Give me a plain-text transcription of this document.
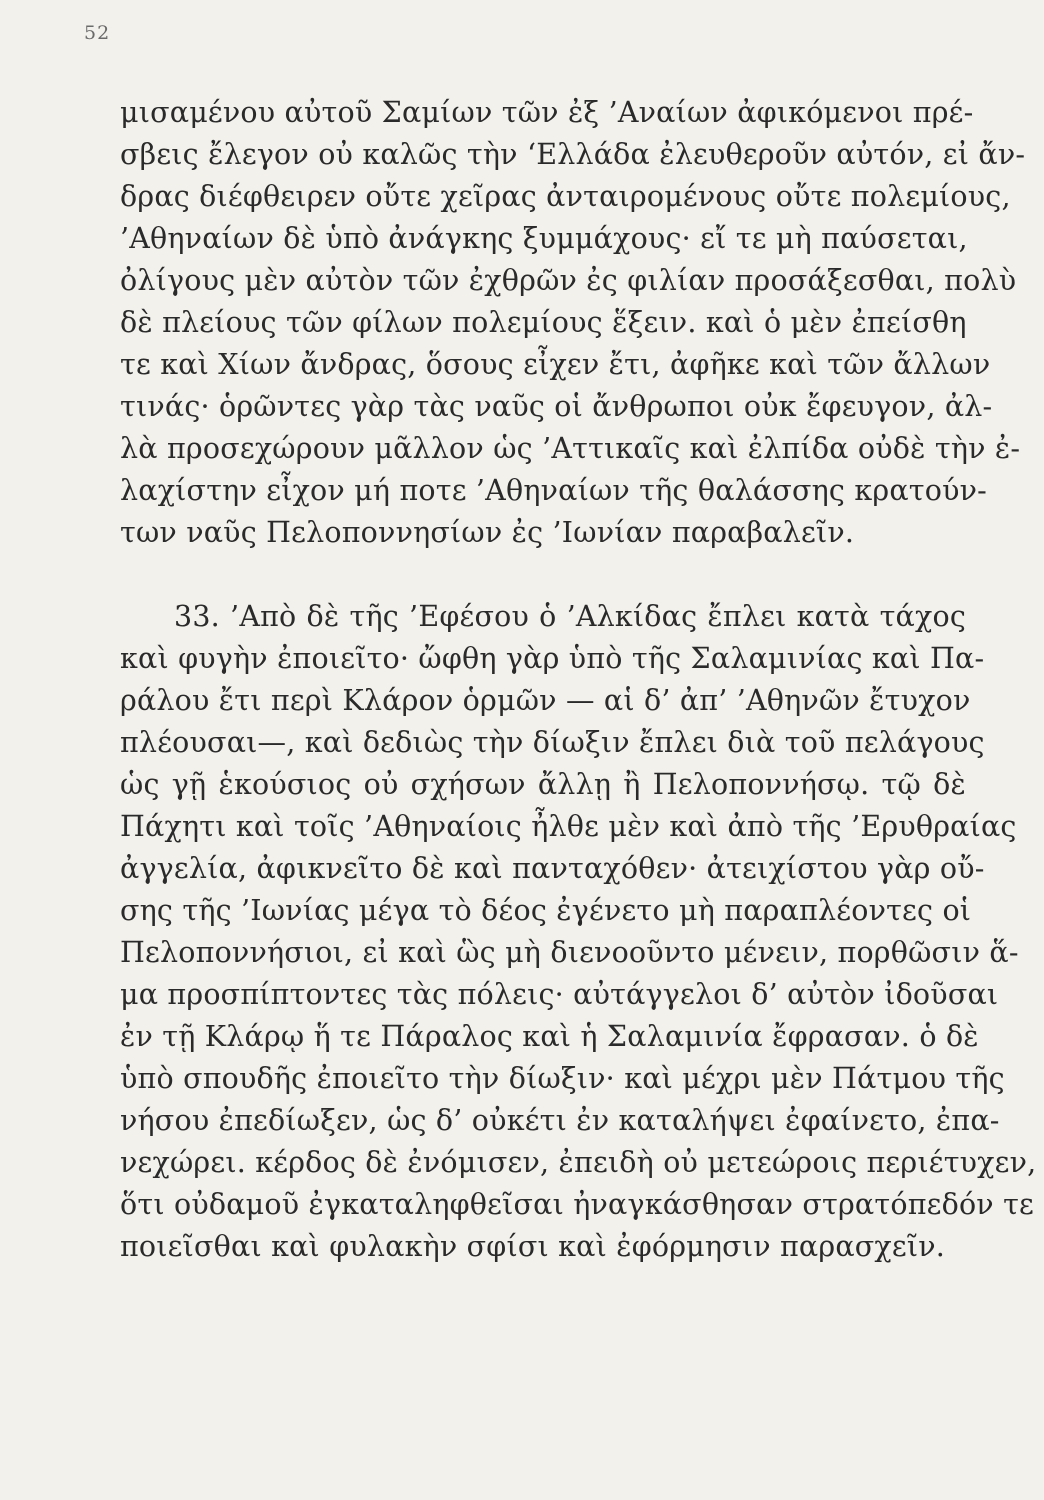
52
μισαμένου αὐτοῦ Σαμίων τῶν ἐξ ’Αναίων ἀφικόμενοι πρέ-
σβεις ἔλεγον οὐ καλῶς τὴν ‘Ελλάδα ἐλευθεροῦν αὐτόν, εἰ ἄν-
δρας διέφθειρεν οὔτε χεῖρας ἀνταιρομένους οὔτε πολεμίους,
’Αθηναίων δὲ ὑπὸ ἀνάγκης ξυμμάχους· εἴ τε μὴ παύσεται,
ὀλίγους μὲν αὐτὸν τῶν ἐχθρῶν ἐς φιλίαν προσάξεσθαι, πολὺ
δὲ πλείους τῶν φίλων πολεμίους ἕξειν. καὶ ὁ μὲν ἐπείσθη
τε καὶ Χίων ἄνδρας, ὅσους εἶχεν ἔτι, ἀφῆκε καὶ τῶν ἄλλων
τινάς· ὁρῶντες γὰρ τὰς ναῦς οἱ ἄνθρωποι οὐκ ἔφευγον, ἀλ-
λὰ προσεχώρουν μᾶλλον ὡς ’Αττικαῖς καὶ ἐλπίδα οὐδὲ τὴν ἐ-
λαχίστην εἶχον μή ποτε ’Αθηναίων τῆς θαλάσσης κρατούν-
των ναῦς Πελοποννησίων ἐς ’Ιωνίαν παραβαλεῖν.
33. ’Απὸ δὲ τῆς ’Εφέσου ὁ ’Αλκίδας ἔπλει κατὰ τάχος
καὶ φυγὴν ἐποιεῖτο· ὤφθη γὰρ ὑπὸ τῆς Σαλαμινίας καὶ Πα-
ράλου ἔτι περὶ Κλάρον ὁρμῶν — αἱ δ’ ἀπ’ ’Αθηνῶν ἔτυχον
πλέουσαι—, καὶ δεδιὼς τὴν δίωξιν ἔπλει διὰ τοῦ πελάγους
ὡς γῇ ἑκούσιος οὐ σχήσων ἄλλῃ ἢ Πελοποννήσῳ. τῷ δὲ
Πάχητι καὶ τοῖς ’Αθηναίοις ἦλθε μὲν καὶ ἀπὸ τῆς ’Ερυθραίας
ἀγγελία, ἀφικνεῖτο δὲ καὶ πανταχόθεν· ἀτειχίστου γὰρ οὔ-
σης τῆς ’Ιωνίας μέγα τὸ δέος ἐγένετο μὴ παραπλέοντες οἱ
Πελοποννήσιοι, εἰ καὶ ὣς μὴ διενοοῦντο μένειν, πορθῶσιν ἅ-
μα προσπίπτοντες τὰς πόλεις· αὐτάγγελοι δ’ αὐτὸν ἰδοῦσαι
ἐν τῇ Κλάρῳ ἥ τε Πάραλος καὶ ἡ Σαλαμινία ἔφρασαν. ὁ δὲ
ὑπὸ σπουδῆς ἐποιεῖτο τὴν δίωξιν· καὶ μέχρι μὲν Πάτμου τῆς
νήσου ἐπεδίωξεν, ὡς δ’ οὐκέτι ἐν καταλήψει ἐφαίνετο, ἐπα-
νεχώρει. κέρδος δὲ ἐνόμισεν, ἐπειδὴ οὐ μετεώροις περιέτυχεν,
ὅτι οὐδαμοῦ ἐγκαταληφθεῖσαι ἠναγκάσθησαν στρατόπεδόν τε
ποιεῖσθαι καὶ φυλακὴν σφίσι καὶ ἐφόρμησιν παρασχεῖν.
